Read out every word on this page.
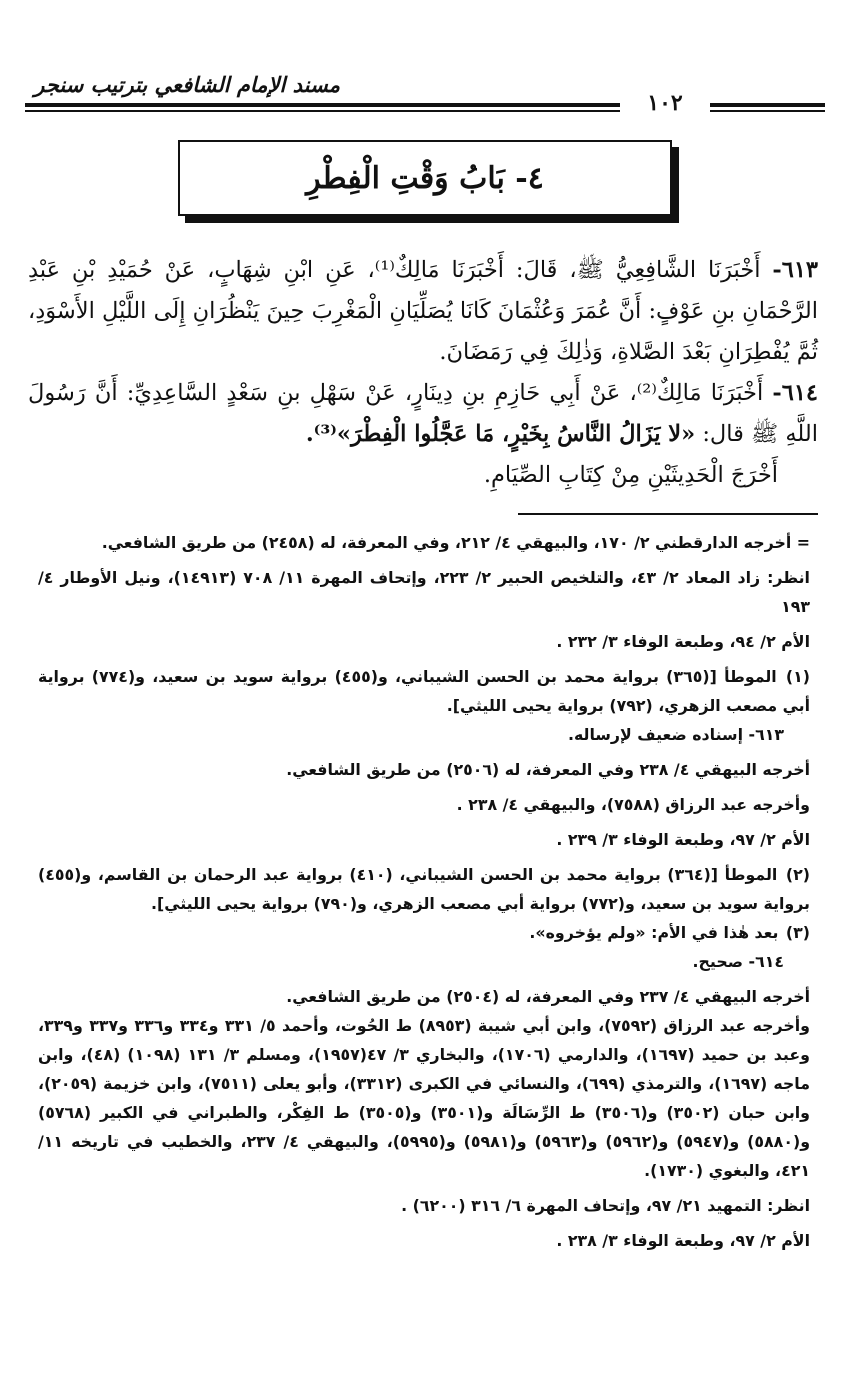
مسند الإمام الشافعي بترتيب سنجر
١٠٢
٤- بَابُ وَقْتِ الْفِطْرِ

٦١٣- أَخْبَرَنَا الشَّافِعِيُّ ﷺ، قَالَ: أَخْبَرَنَا مَالِكٌ⁽¹⁾، عَنِ ابْنِ شِهَابٍ، عَنْ حُمَيْدِ بْنِ عَبْدِ الرَّحْمَانِ بنِ عَوْفٍ: أَنَّ عُمَرَ وَعُثْمَانَ كَانَا يُصَلِّيَانِ الْمَغْرِبَ حِينَ يَنْظُرَانِ إِلَى اللَّيْلِ الأَسْوَدِ، ثُمَّ يُفْطِرَانِ بَعْدَ الصَّلاةِ، وَذٰلِكَ فِي رَمَضَانَ.

٦١٤- أَخْبَرَنَا مَالِكٌ⁽²⁾، عَنْ أَبِي حَازِمِ بنِ دِينَارٍ، عَنْ سَهْلِ بنِ سَعْدٍ السَّاعِدِيِّ: أَنَّ رَسُولَ اللَّهِ ﷺ قال: «لا يَزَالُ النَّاسُ بِخَيْرٍ، مَا عَجَّلُوا الْفِطْرَ»⁽³⁾.

أَخْرَجَ الْحَدِيثَيْنِ مِنْ كِتَابِ الصِّيَامِ.

= أخرجه الدارقطني ٢/ ١٧٠، والبيهقي ٤/ ٢١٢، وفي المعرفة، له (٢٤٥٨) من طريق الشافعي.

انظر: زاد المعاد ٢/ ٤٣، والتلخيص الحبير ٢/ ٢٢٣، وإتحاف المهرة ١١/ ٧٠٨ (١٤٩١٣)، ونيل الأوطار ٤/ ١٩٣

الأم ٢/ ٩٤، وطبعة الوفاء ٣/ ٢٣٢ .

(١) الموطأ [(٣٦٥) برواية محمد بن الحسن الشيباني، و(٤٥٥) برواية سويد بن سعيد، و(٧٧٤) برواية أبي مصعب الزهري، (٧٩٢) برواية يحيى الليثي].

٦١٣- إسناده ضعيف لإرساله.

أخرجه البيهقي ٤/ ٢٣٨ وفي المعرفة، له (٢٥٠٦) من طريق الشافعي.

وأخرجه عبد الرزاق (٧٥٨٨)، والبيهقي ٤/ ٢٣٨ .

الأم ٢/ ٩٧، وطبعة الوفاء ٣/ ٢٣٩ .

(٢) الموطأ [(٣٦٤) برواية محمد بن الحسن الشيباني، (٤١٠) برواية عبد الرحمان بن القاسم، و(٤٥٥) برواية سويد بن سعيد، و(٧٧٢) برواية أبي مصعب الزهري، و(٧٩٠) برواية يحيى الليثي].

(٣) بعد هٰذا في الأم: «ولم يؤخروه».

٦١٤- صحيح.

أخرجه البيهقي ٤/ ٢٣٧ وفي المعرفة، له (٢٥٠٤) من طريق الشافعي.

وأخرجه عبد الرزاق (٧٥٩٢)، وابن أبي شيبة (٨٩٥٣) ط الحُوت، وأحمد ٥/ ٣٣١ و٣٣٤ و٣٣٦ و٣٣٧ و٣٣٩، وعبد بن حميد (١٦٩٧)، والدارمي (١٧٠٦)، والبخاري ٣/ ٤٧(١٩٥٧)، ومسلم ٣/ ١٣١ (١٠٩٨) (٤٨)، وابن ماجه (١٦٩٧)، والترمذي (٦٩٩)، والنسائي في الكبرى (٣٣١٢)، وأبو يعلى (٧٥١١)، وابن خزيمة (٢٠٥٩)، وابن حبان (٣٥٠٢) و(٣٥٠٦) ط الرِّسَالَة و(٣٥٠١) و(٣٥٠٥) ط الفِكْر، والطبراني في الكبير (٥٧٦٨) و(٥٨٨٠) و(٥٩٤٧) و(٥٩٦٢) و(٥٩٦٣) و(٥٩٨١) و(٥٩٩٥)، والبيهقي ٤/ ٢٣٧، والخطيب في تاريخه ١١/ ٤٢١، والبغوي (١٧٣٠).

انظر: التمهيد ٢١/ ٩٧، وإتحاف المهرة ٦/ ٣١٦ (٦٢٠٠) .

الأم ٢/ ٩٧، وطبعة الوفاء ٣/ ٢٣٨ .
